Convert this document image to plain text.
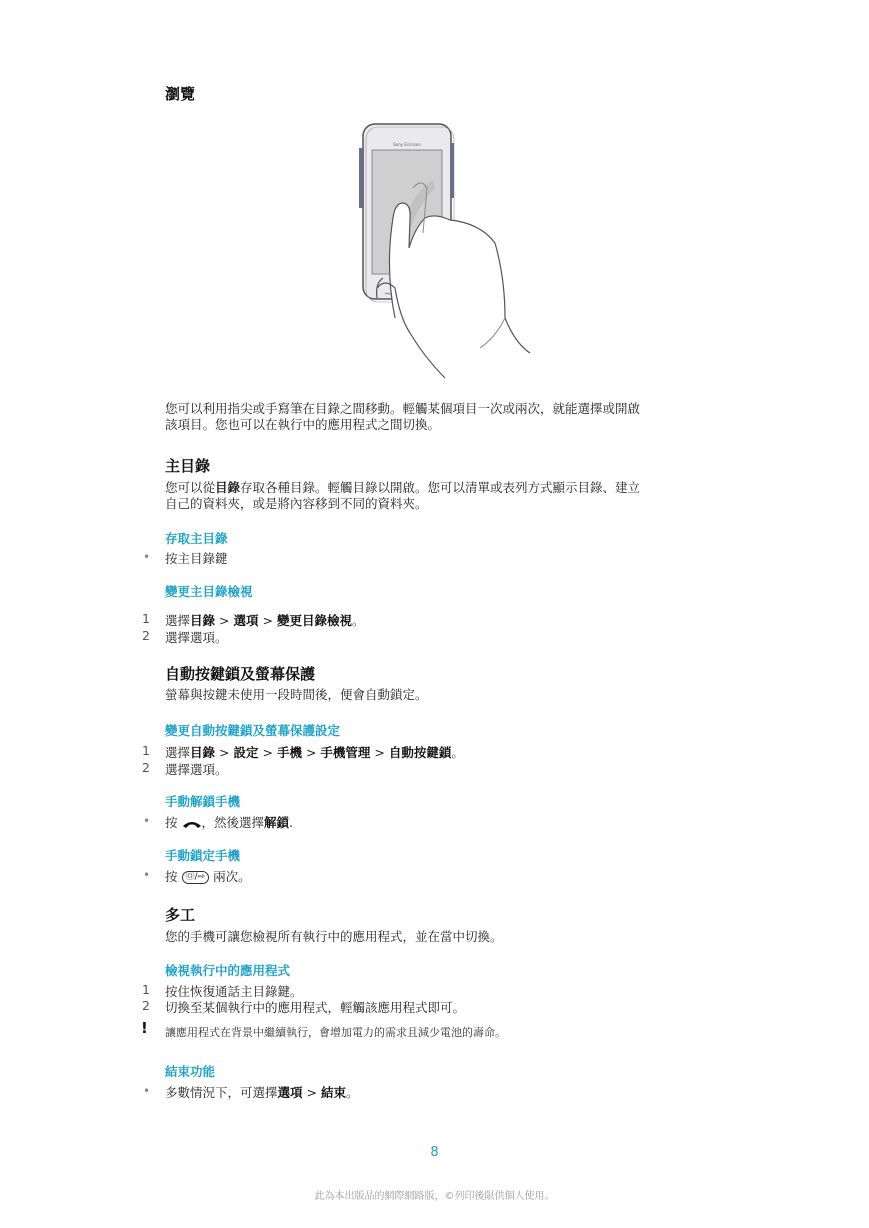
瀏覽
Sony Ericsson
您可以利用指尖或手寫筆在目錄之間移動。輕觸某個項目一次或兩次，就能選擇或開啟
該項目。您也可以在執行中的應用程式之間切換。
主目錄
您可以從目錄存取各種目錄。輕觸目錄以開啟。您可以清單或表列方式顯示目錄、建立
自己的資料夾，或是將內容移到不同的資料夾。
存取主目錄
• 按主目錄鍵
變更主目錄檢視
1 選擇目錄 > 選項 > 變更目錄檢視。
2 選擇選項。
自動按鍵鎖及螢幕保護
螢幕與按鍵未使用一段時間後，便會自動鎖定。
變更自動按鍵鎖及螢幕保護設定
1 選擇目錄 > 設定 > 手機 > 手機管理 > 自動按鍵鎖。
2 選擇選項。
手動解鎖手機
• 按 ，然後選擇解鎖.
手動鎖定手機
• 按 Ⓞ/⇨ 兩次。
多工
您的手機可讓您檢視所有執行中的應用程式，並在當中切換。
檢視執行中的應用程式
1 按住恢復通話主目錄鍵。
2 切換至某個執行中的應用程式，輕觸該應用程式即可。
! 讓應用程式在背景中繼續執行，會增加電力的需求且減少電池的壽命。
結束功能
• 多數情況下，可選擇選項 > 結束。
8
此為本出版品的網際網路版，©列印後限供個人使用。
